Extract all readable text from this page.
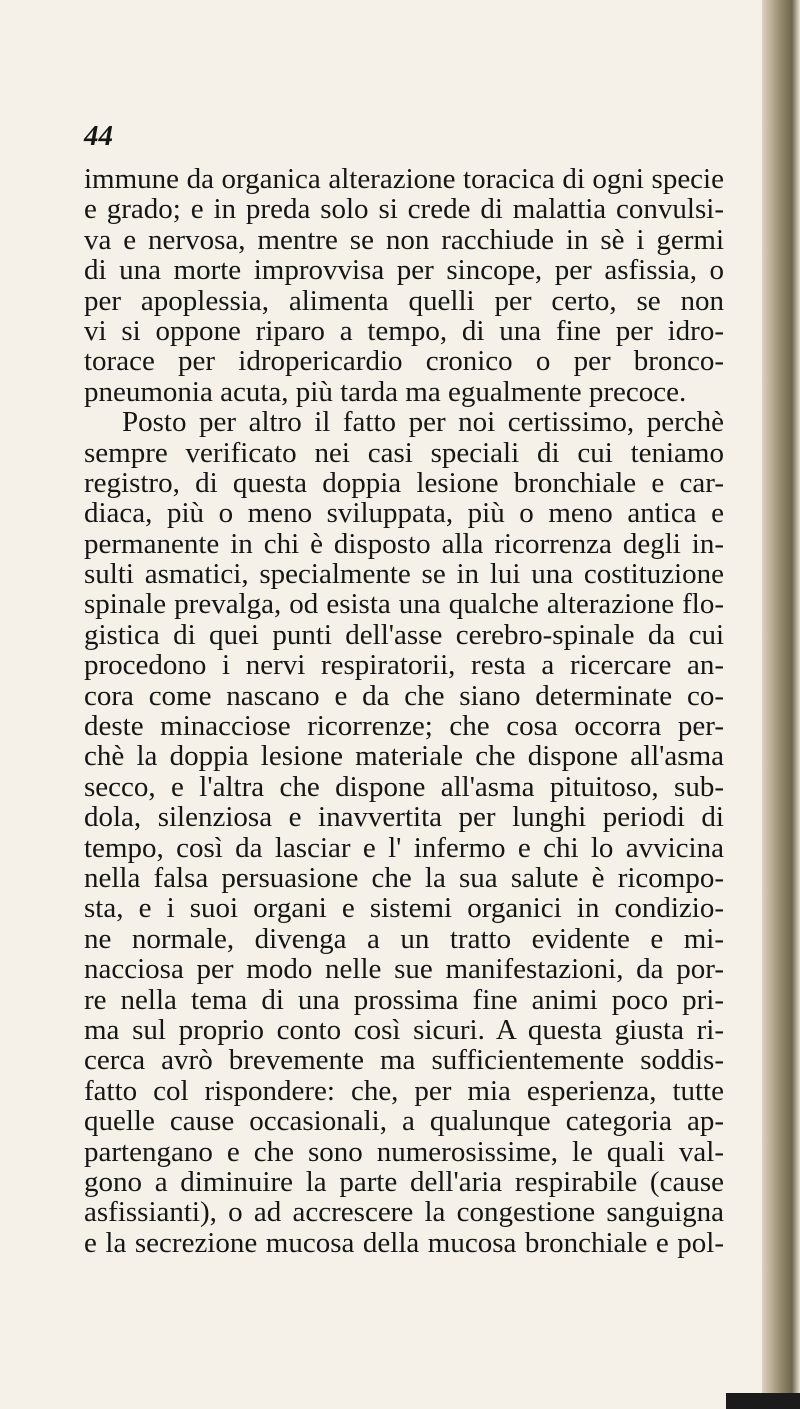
44
immune da organica alterazione toracica di ogni specie
e grado; e in preda solo si crede di malattia convulsi-
va e nervosa, mentre se non racchiude in sè i germi
di una morte improvvisa per sincope, per asfissia, o
per apoplessia, alimenta quelli per certo, se non
vi si oppone riparo a tempo, di una fine per idro-
torace per idropericardio cronico o per bronco-
pneumonia acuta, più tarda ma egualmente precoce.
Posto per altro il fatto per noi certissimo, perchè
sempre verificato nei casi speciali di cui teniamo
registro, di questa doppia lesione bronchiale e car-
diaca, più o meno sviluppata, più o meno antica e
permanente in chi è disposto alla ricorrenza degli in-
sulti asmatici, specialmente se in lui una costituzione
spinale prevalga, od esista una qualche alterazione flo-
gistica di quei punti dell'asse cerebro-spinale da cui
procedono i nervi respiratorii, resta a ricercare an-
cora come nascano e da che siano determinate co-
deste minacciose ricorrenze; che cosa occorra per-
chè la doppia lesione materiale che dispone all'asma
secco, e l'altra che dispone all'asma pituitoso, sub-
dola, silenziosa e inavvertita per lunghi periodi di
tempo, così da lasciar e l' infermo e chi lo avvicina
nella falsa persuasione che la sua salute è ricompo-
sta, e i suoi organi e sistemi organici in condizio-
ne normale, divenga a un tratto evidente e mi-
nacciosa per modo nelle sue manifestazioni, da por-
re nella tema di una prossima fine animi poco pri-
ma sul proprio conto così sicuri. A questa giusta ri-
cerca avrò brevemente ma sufficientemente soddis-
fatto col rispondere: che, per mia esperienza, tutte
quelle cause occasionali, a qualunque categoria ap-
partengano e che sono numerosissime, le quali val-
gono a diminuire la parte dell'aria respirabile (cause
asfissianti), o ad accrescere la congestione sanguigna
e la secrezione mucosa della mucosa bronchiale e pol-
